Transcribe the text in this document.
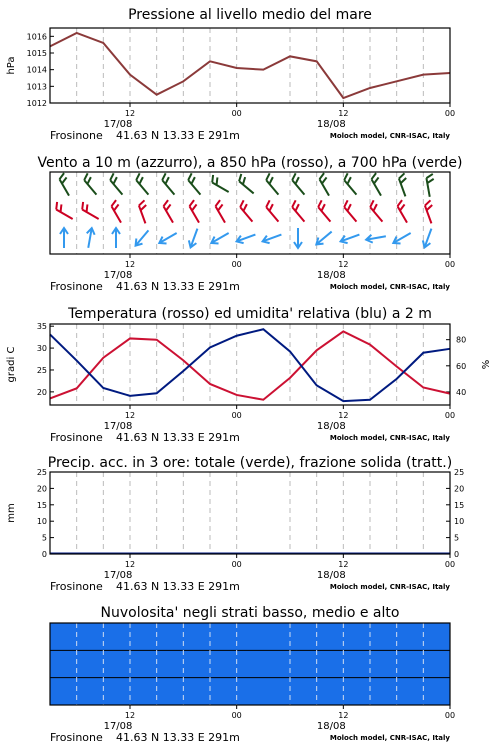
Pressione al livello medio del mare
1012
1013
1014
1015
1016
hPa
12	00	12	00
17/08	18/08
Frosinone 41.63 N 13.33 E 291m	Moloch model, CNR-ISAC, Italy
Vento a 10 m (azzurro), a 850 hPa (rosso), a 700 hPa (verde)
12	00	12	00
17/08	18/08
Frosinone 41.63 N 13.33 E 291m	Moloch model, CNR-ISAC, Italy
Temperatura (rosso) ed umidita' relativa (blu) a 2 m
20
25
30
35
40
60
80
gradi C	%
12	00	12	00
17/08	18/08
Frosinone 41.63 N 13.33 E 291m	Moloch model, CNR-ISAC, Italy
Precip. acc. in 3 ore: totale (verde), frazione solida (tratt.)
0
5
10
15
20
25
0
5
10
15
20
25
mm
12	00	12	00
17/08	18/08
Frosinone 41.63 N 13.33 E 291m	Moloch model, CNR-ISAC, Italy
Nuvolosita' negli strati basso, medio e alto
12	00	12	00
17/08	18/08
Frosinone 41.63 N 13.33 E 291m	Moloch model, CNR-ISAC, Italy
